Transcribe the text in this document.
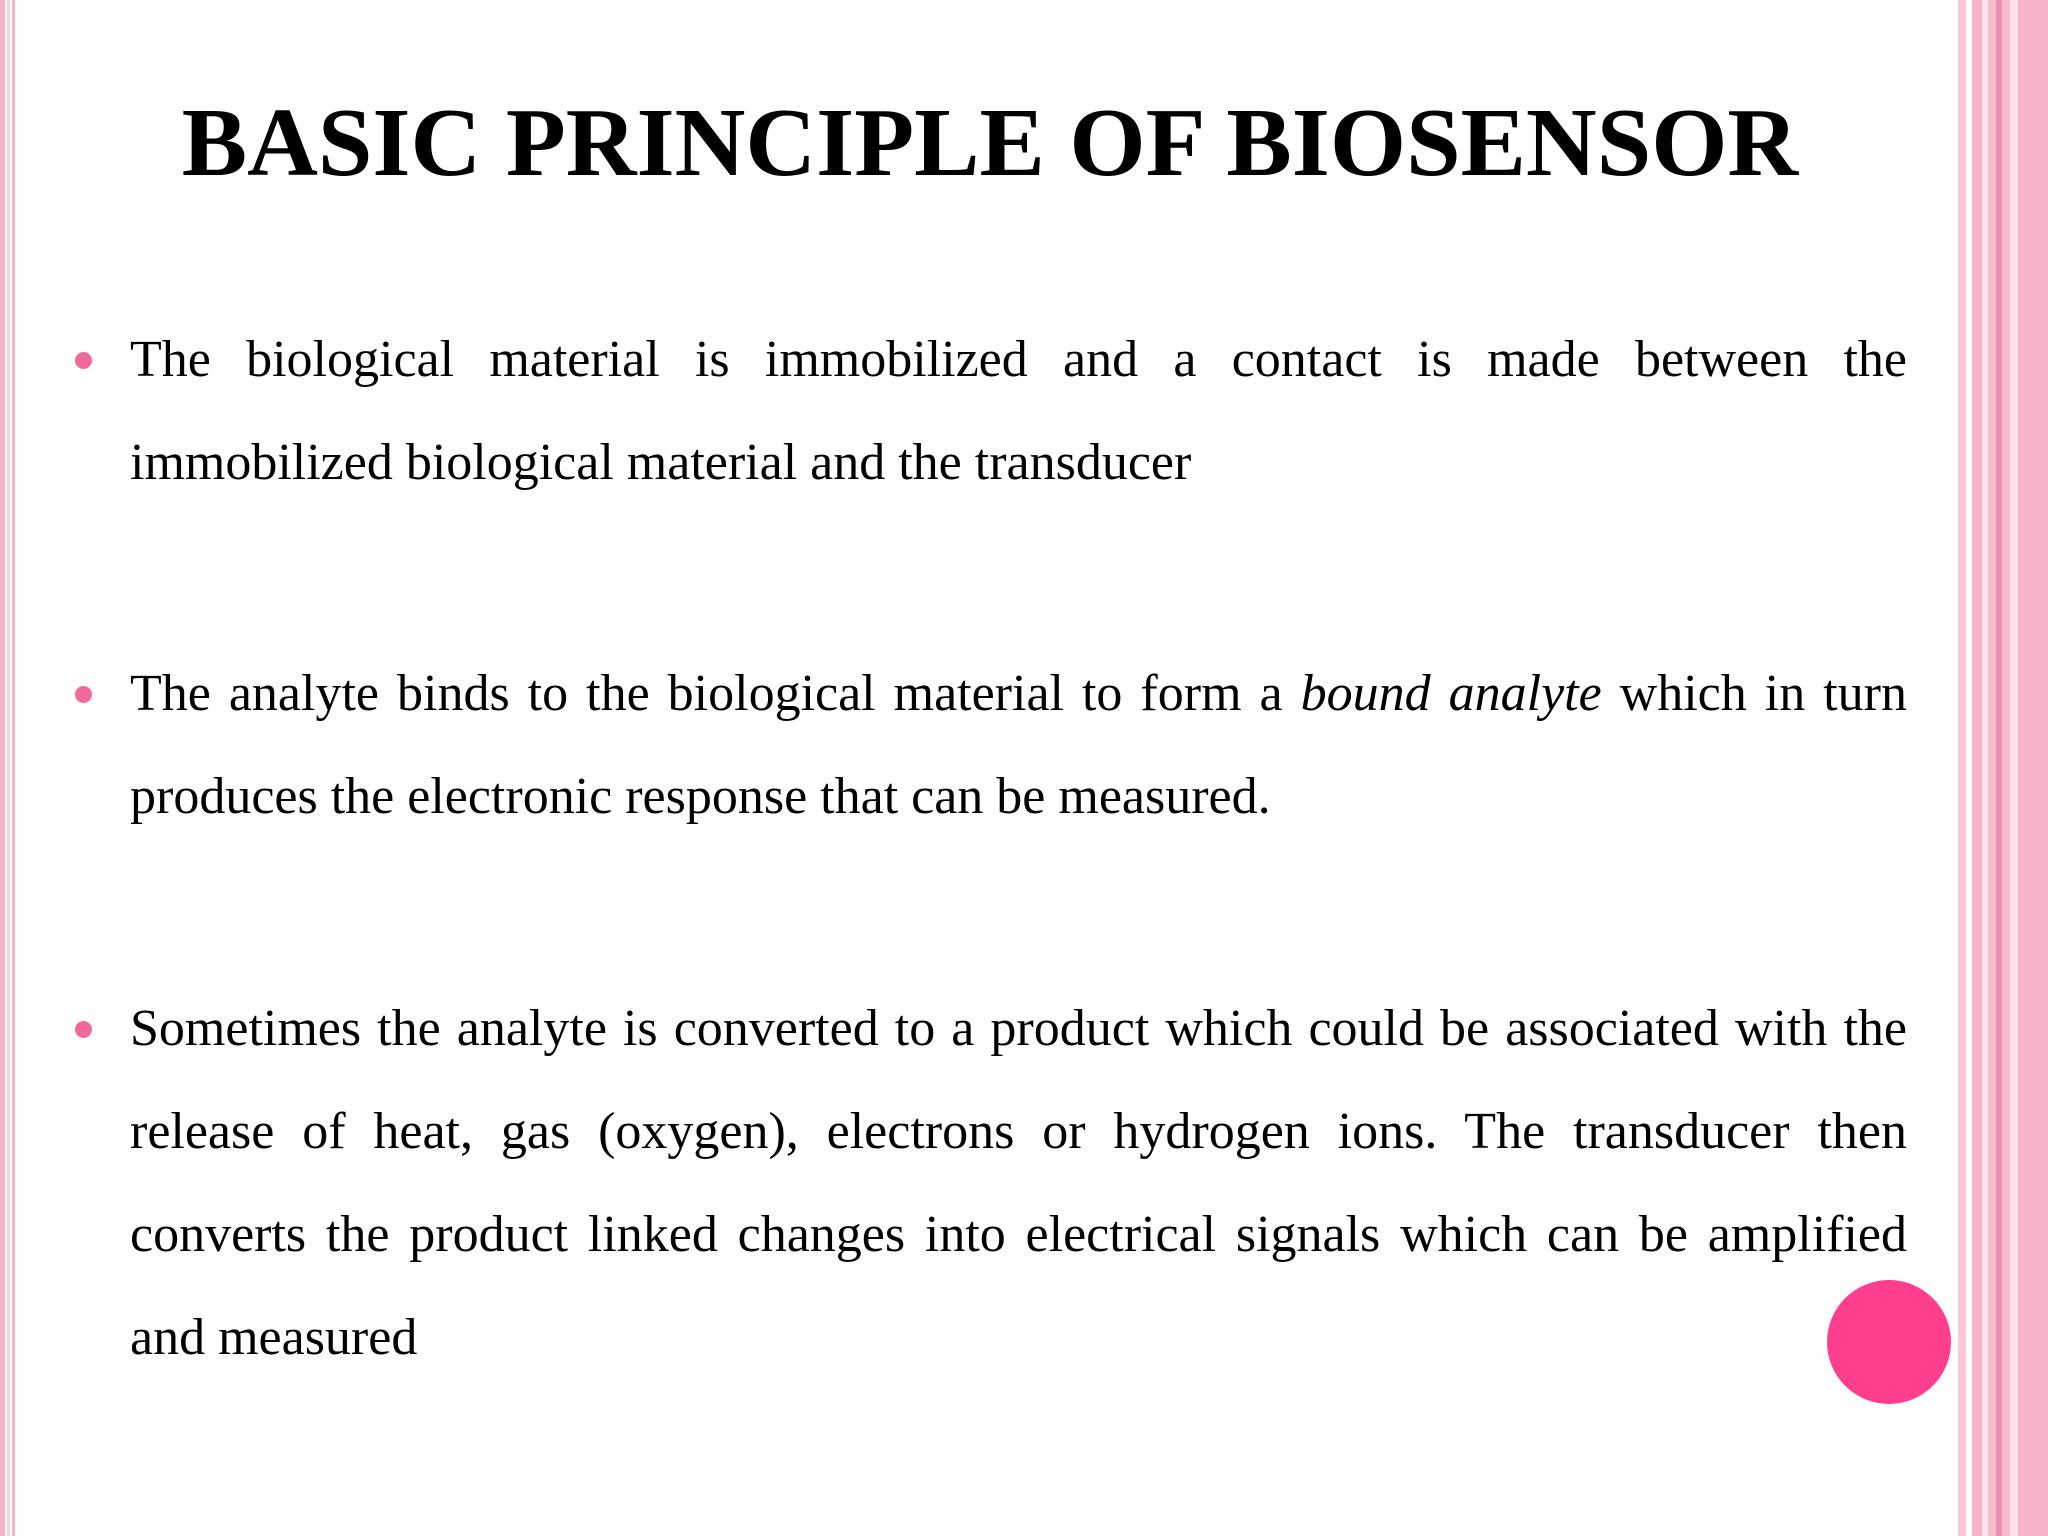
BASIC PRINCIPLE OF BIOSENSOR

The biological material is immobilized and a contact is made between the immobilized biological material and the transducer

The analyte binds to the biological material to form a bound analyte which in turn produces the electronic response that can be measured.

Sometimes the analyte is converted to a product which could be associated with the release of heat, gas (oxygen), electrons or hydrogen ions. The transducer then converts the product linked changes into electrical signals which can be amplified and measured
